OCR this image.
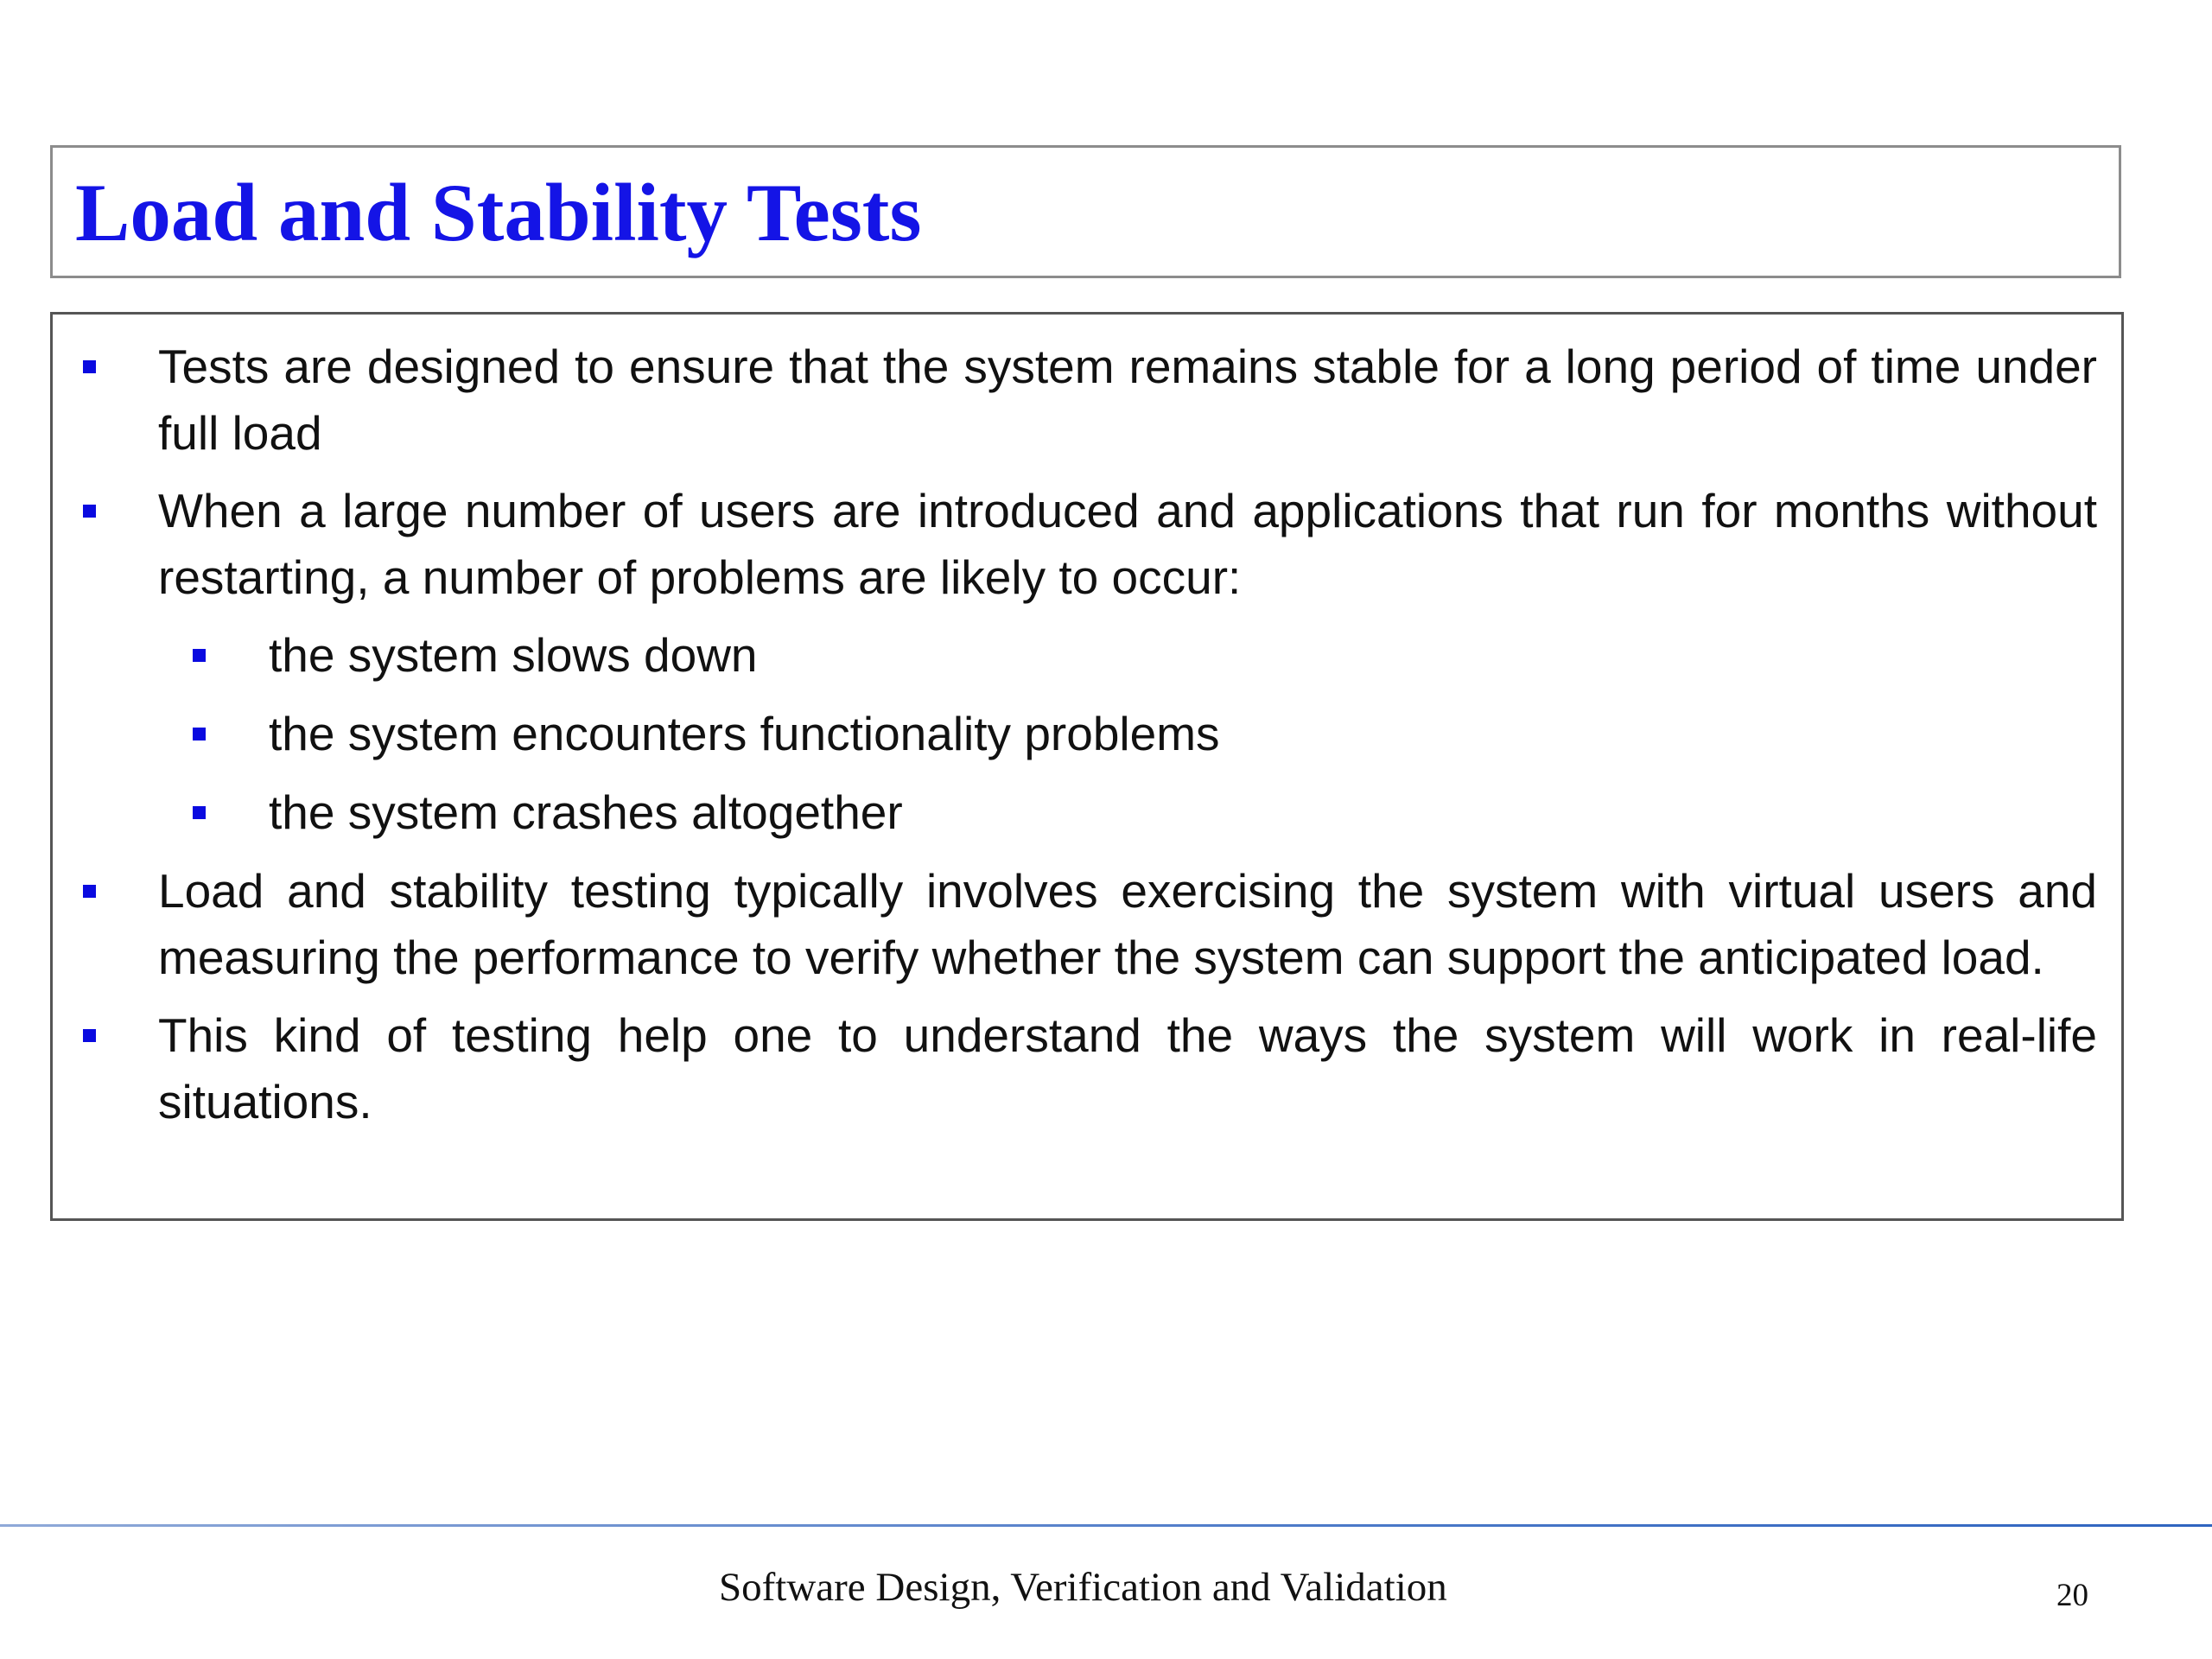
Load and Stability Tests
Tests are designed to ensure that the system remains stable for a long period of time under full load
When a large number of users are introduced and applications that run for months without restarting, a number of problems are likely to occur:
the system slows down
the system encounters functionality problems
the system crashes altogether
Load and stability testing typically involves exercising the system with virtual users and measuring the performance to verify whether the system can support the anticipated load.
This kind of testing help one to understand the ways the system will work in real-life situations.
Software Design, Verification and Validation	20
